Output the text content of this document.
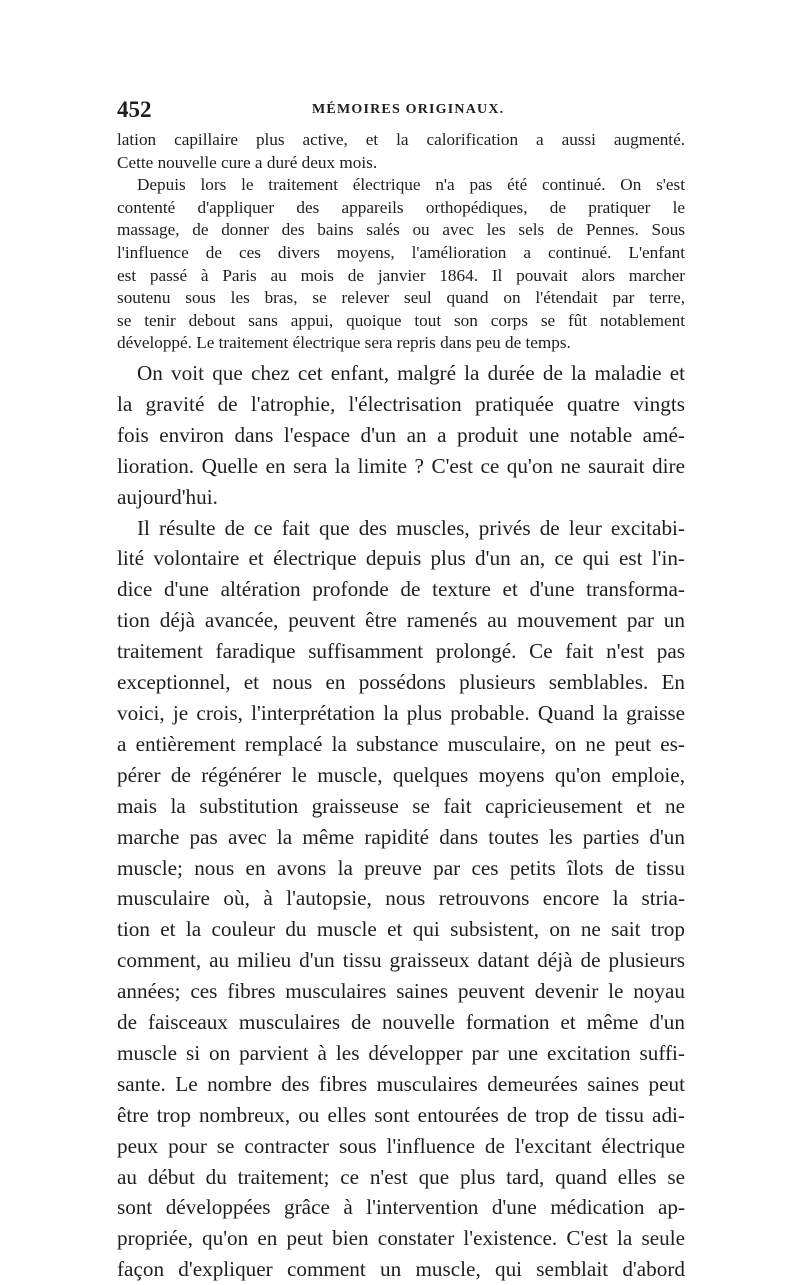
452	MÉMOIRES ORIGINAUX.
lation capillaire plus active, et la calorification a aussi augmenté.
Cette nouvelle cure a duré deux mois.
Depuis lors le traitement électrique n'a pas été continué. On s'est
contenté d'appliquer des appareils orthopédiques, de pratiquer le
massage, de donner des bains salés ou avec les sels de Pennes. Sous
l'influence de ces divers moyens, l'amélioration a continué. L'enfant
est passé à Paris au mois de janvier 1864. Il pouvait alors marcher
soutenu sous les bras, se relever seul quand on l'étendait par terre,
se tenir debout sans appui, quoique tout son corps se fût notablement
développé. Le traitement électrique sera repris dans peu de temps.
On voit que chez cet enfant, malgré la durée de la maladie et
la gravité de l'atrophie, l'électrisation pratiquée quatre vingts
fois environ dans l'espace d'un an a produit une notable amé-
lioration. Quelle en sera la limite ? C'est ce qu'on ne saurait dire
aujourd'hui.
Il résulte de ce fait que des muscles, privés de leur excitabi-
lité volontaire et électrique depuis plus d'un an, ce qui est l'in-
dice d'une altération profonde de texture et d'une transforma-
tion déjà avancée, peuvent être ramenés au mouvement par un
traitement faradique suffisamment prolongé. Ce fait n'est pas
exceptionnel, et nous en possédons plusieurs semblables. En
voici, je crois, l'interprétation la plus probable. Quand la graisse
a entièrement remplacé la substance musculaire, on ne peut es-
pérer de régénérer le muscle, quelques moyens qu'on emploie,
mais la substitution graisseuse se fait capricieusement et ne
marche pas avec la même rapidité dans toutes les parties d'un
muscle; nous en avons la preuve par ces petits îlots de tissu
musculaire où, à l'autopsie, nous retrouvons encore la stria-
tion et la couleur du muscle et qui subsistent, on ne sait trop
comment, au milieu d'un tissu graisseux datant déjà de plusieurs
années; ces fibres musculaires saines peuvent devenir le noyau
de faisceaux musculaires de nouvelle formation et même d'un
muscle si on parvient à les développer par une excitation suffi-
sante. Le nombre des fibres musculaires demeurées saines peut
être trop nombreux, ou elles sont entourées de trop de tissu adi-
peux pour se contracter sous l'influence de l'excitant électrique
au début du traitement; ce n'est que plus tard, quand elles se
sont développées grâce à l'intervention d'une médication ap-
propriée, qu'on en peut bien constater l'existence. C'est la seule
façon d'expliquer comment un muscle, qui semblait d'abord
